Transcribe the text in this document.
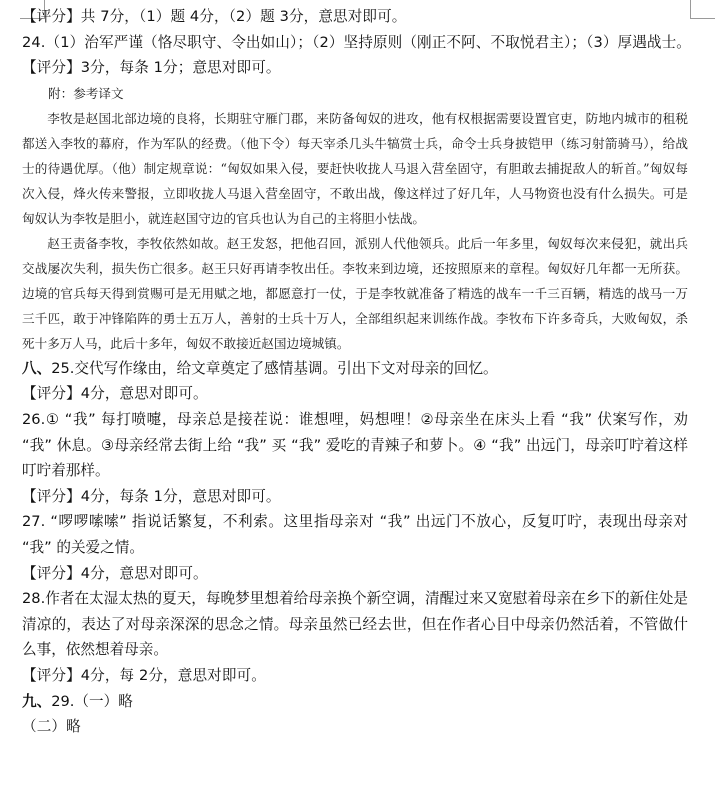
【评分】共 7分，（1）题 4分，（2）题 3分，意思对即可。
24.（1）治军严谨（恪尽职守、令出如山）；（2）坚持原则（刚正不阿、不取悦君主）；（3）厚遇战士。
【评分】3分，每条 1分；意思对即可。
附：参考译文
李牧是赵国北部边境的良将，长期驻守雁门郡，来防备匈奴的进攻，他有权根据需要设置官吏，防地内城市的租税都送入李牧的幕府，作为军队的经费。（他下令）每天宰杀几头牛犒赏士兵，命令士兵身披铠甲（练习射箭骑马），给战士的待遇优厚。（他）制定规章说：“匈奴如果入侵，要赶快收拢人马退入营垒固守，有胆敢去捕捉敌人的斩首。”匈奴每次入侵，烽火传来警报，立即收拢人马退入营垒固守，不敢出战，像这样过了好几年，人马物资也没有什么损失。可是匈奴认为李牧是胆小，就连赵国守边的官兵也认为自己的主将胆小怯战。
赵王责备李牧，李牧依然如故。赵王发怒，把他召回，派别人代他领兵。此后一年多里，匈奴每次来侵犯，就出兵交战屡次失利，损失伤亡很多。赵王只好再请李牧出任。李牧来到边境，还按照原来的章程。匈奴好几年都一无所获。边境的官兵每天得到赏赐可是无用赋之地，都愿意打一仗，于是李牧就准备了精选的战车一千三百辆，精选的战马一万三千匹，敢于冲锋陷阵的勇士五万人，善射的士兵十万人，全部组织起来训练作战。李牧布下许多奇兵，大败匈奴，杀死十多万人马，此后十多年，匈奴不敢接近赵国边境城镇。
八、25.交代写作缘由，给文章奠定了感情基调。引出下文对母亲的回忆。
【评分】4分，意思对即可。
26.① “我” 每打喷嚏，母亲总是接茬说：谁想哩，妈想哩！②母亲坐在床头上看 “我” 伏案写作，劝 “我” 休息。③母亲经常去街上给 “我” 买 “我” 爱吃的青辣子和萝卜。④ “我” 出远门，母亲叮咛着这样叮咛着那样。
【评分】4分，每条 1分，意思对即可。
27. “啰啰嗦嗦” 指说话繁复，不利索。这里指母亲对 “我” 出远门不放心，反复叮咛，表现出母亲对 “我” 的关爱之情。
【评分】4分，意思对即可。
28.作者在太湿太热的夏天，每晚梦里想着给母亲换个新空调，清醒过来又宽慰着母亲在乡下的新住处是清凉的，表达了对母亲深深的思念之情。母亲虽然已经去世，但在作者心目中母亲仍然活着，不管做什么事，依然想着母亲。
【评分】4分，每 2分，意思对即可。
九、29.（一）略
（二）略
